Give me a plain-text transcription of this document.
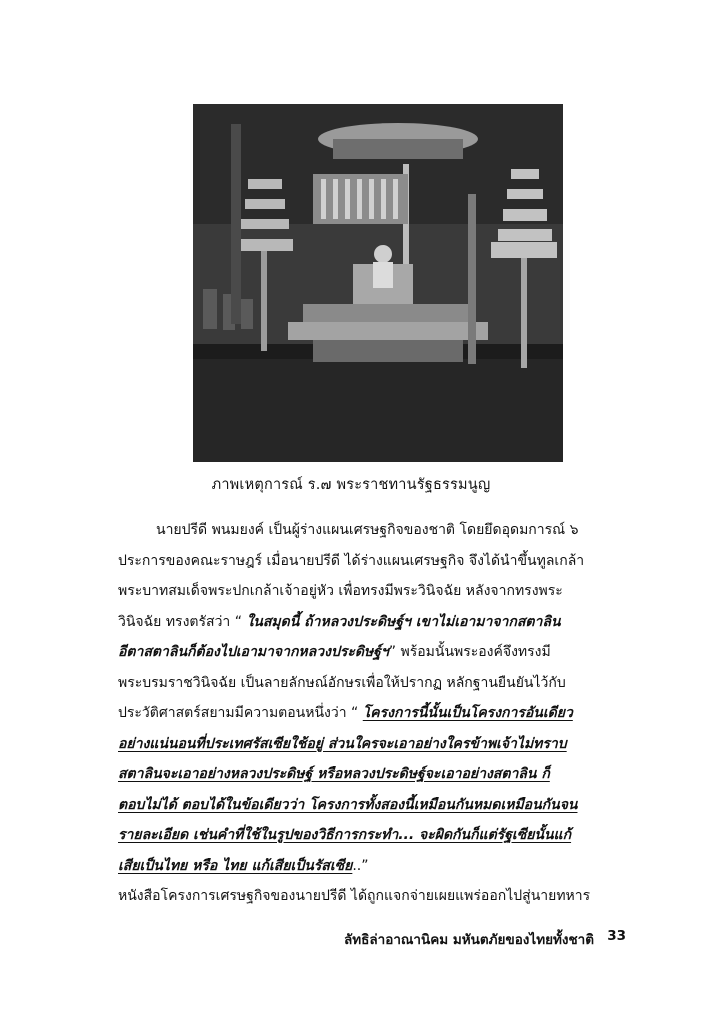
ภาพเหตุการณ์ ร.๗ พระราชทานรัฐธรรมนูญ
นายปรีดี พนมยงค์ เป็นผู้ร่างแผนเศรษฐกิจของชาติ โดยยึดอุดมการณ์ ๖
ประการของคณะราษฎร์ เมื่อนายปรีดี ได้ร่างแผนเศรษฐกิจ จึงได้นำขึ้นทูลเกล้า
พระบาทสมเด็จพระปกเกล้าเจ้าอยู่หัว เพื่อทรงมีพระวินิจฉัย หลังจากทรงพระ
วินิจฉัย ทรงตรัสว่า “ ในสมุดนี้ ถ้าหลวงประดิษฐ์ฯ เขาไม่เอามาจากสตาลิน
อีตาสตาลินก็ต้องไปเอามาจากหลวงประดิษฐ์ฯ” พร้อมนั้นพระองค์จึงทรงมี
พระบรมราชวินิจฉัย เป็นลายลักษณ์อักษรเพื่อให้ปรากฏ หลักฐานยืนยันไว้กับ
ประวัติศาสตร์สยามมีความตอนหนึ่งว่า “ โครงการนี้นั้นเป็นโครงการอันเดียว
อย่างแน่นอนที่ประเทศรัสเซียใช้อยู่ ส่วนใครจะเอาอย่างใครข้าพเจ้าไม่ทราบ
สตาลินจะเอาอย่างหลวงประดิษฐ์ หรือหลวงประดิษฐ์จะเอาอย่างสตาลิน ก็
ตอบไม่ได้ ตอบได้ในข้อเดียวว่า โครงการทั้งสองนี้เหมือนกันหมดเหมือนกันจน
รายละเอียด เช่นคำที่ใช้ในรูปของวิธีการกระทำ... จะผิดกันก็แต่รัฐเซียนั้นแก้
เสียเป็นไทย หรือ ไทย แก้เสียเป็นรัสเซีย..”
หนังสือโครงการเศรษฐกิจของนายปรีดี ได้ถูกแจกจ่ายเผยแพร่ออกไปสู่นายทหาร
ลัทธิล่าอาณานิคม มหันตภัยของไทยทั้งชาติ 33
